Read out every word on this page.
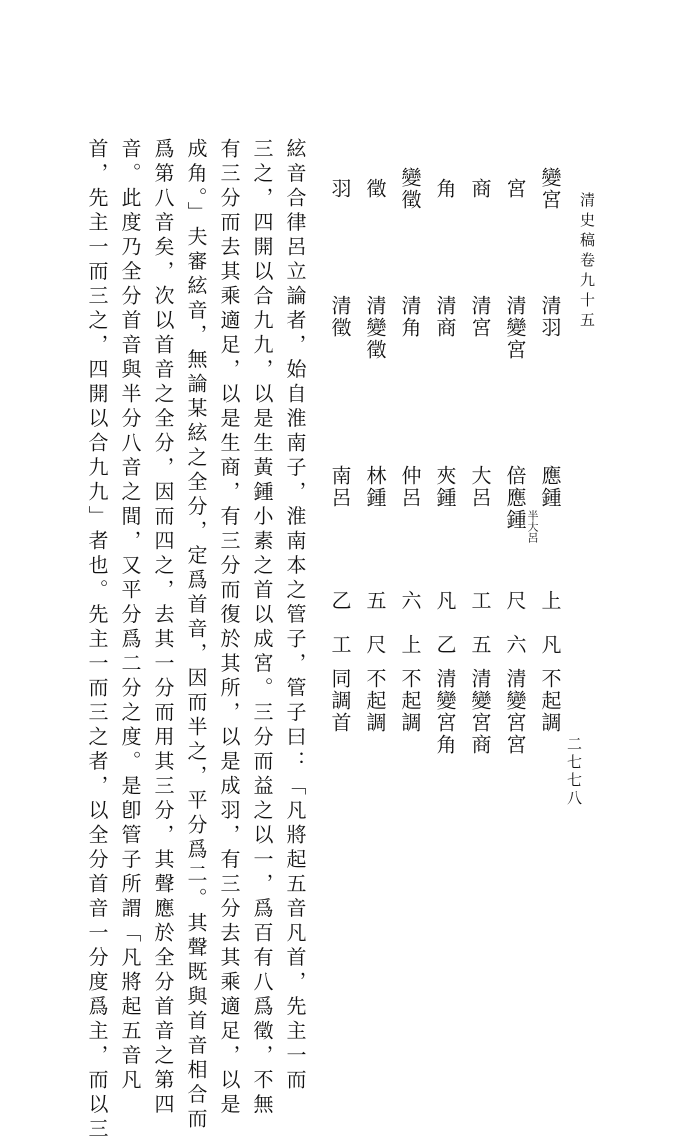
清史稿卷九十五
二七七八
變宮
清羽
應鍾
上　凡
不起調
宮
清變宮
倍應鍾 半大呂
尺　六
清變宮宮
商
清宮
大呂
工　五
清變宮商
角
清商
夾鍾
凡　乙
清變宮角
變徵
清角
仲呂
六　上
不起調
徵
清變徵
林鍾
五　尺
不起調
羽
清徵
南呂
乙　工
同調首
絃音合律呂立論者，始自淮南子，淮南本之管子，管子曰：「凡將起五音凡首，先主一而
三之，四開以合九九，以是生黃鍾小素之首以成宮。三分而益之以一，爲百有八爲徵，不無
有三分而去其乘適足，以是生商，有三分而復於其所，以是成羽，有三分去其乘適足，以是
成角。」夫審絃音，無論某絃之全分，定爲首音，因而半之，平分爲二。其聲既與首音相合而
爲第八音矣，次以首音之全分，因而四之，去其一分而用其三分，其聲應於全分首音之第四
音。此度乃全分首音與半分八音之間，又平分爲二分之度。是卽管子所謂「凡將起五音凡
首，先主一而三之，四開以合九九」者也。先主一而三之者，以全分首音一分度爲主，而以三
